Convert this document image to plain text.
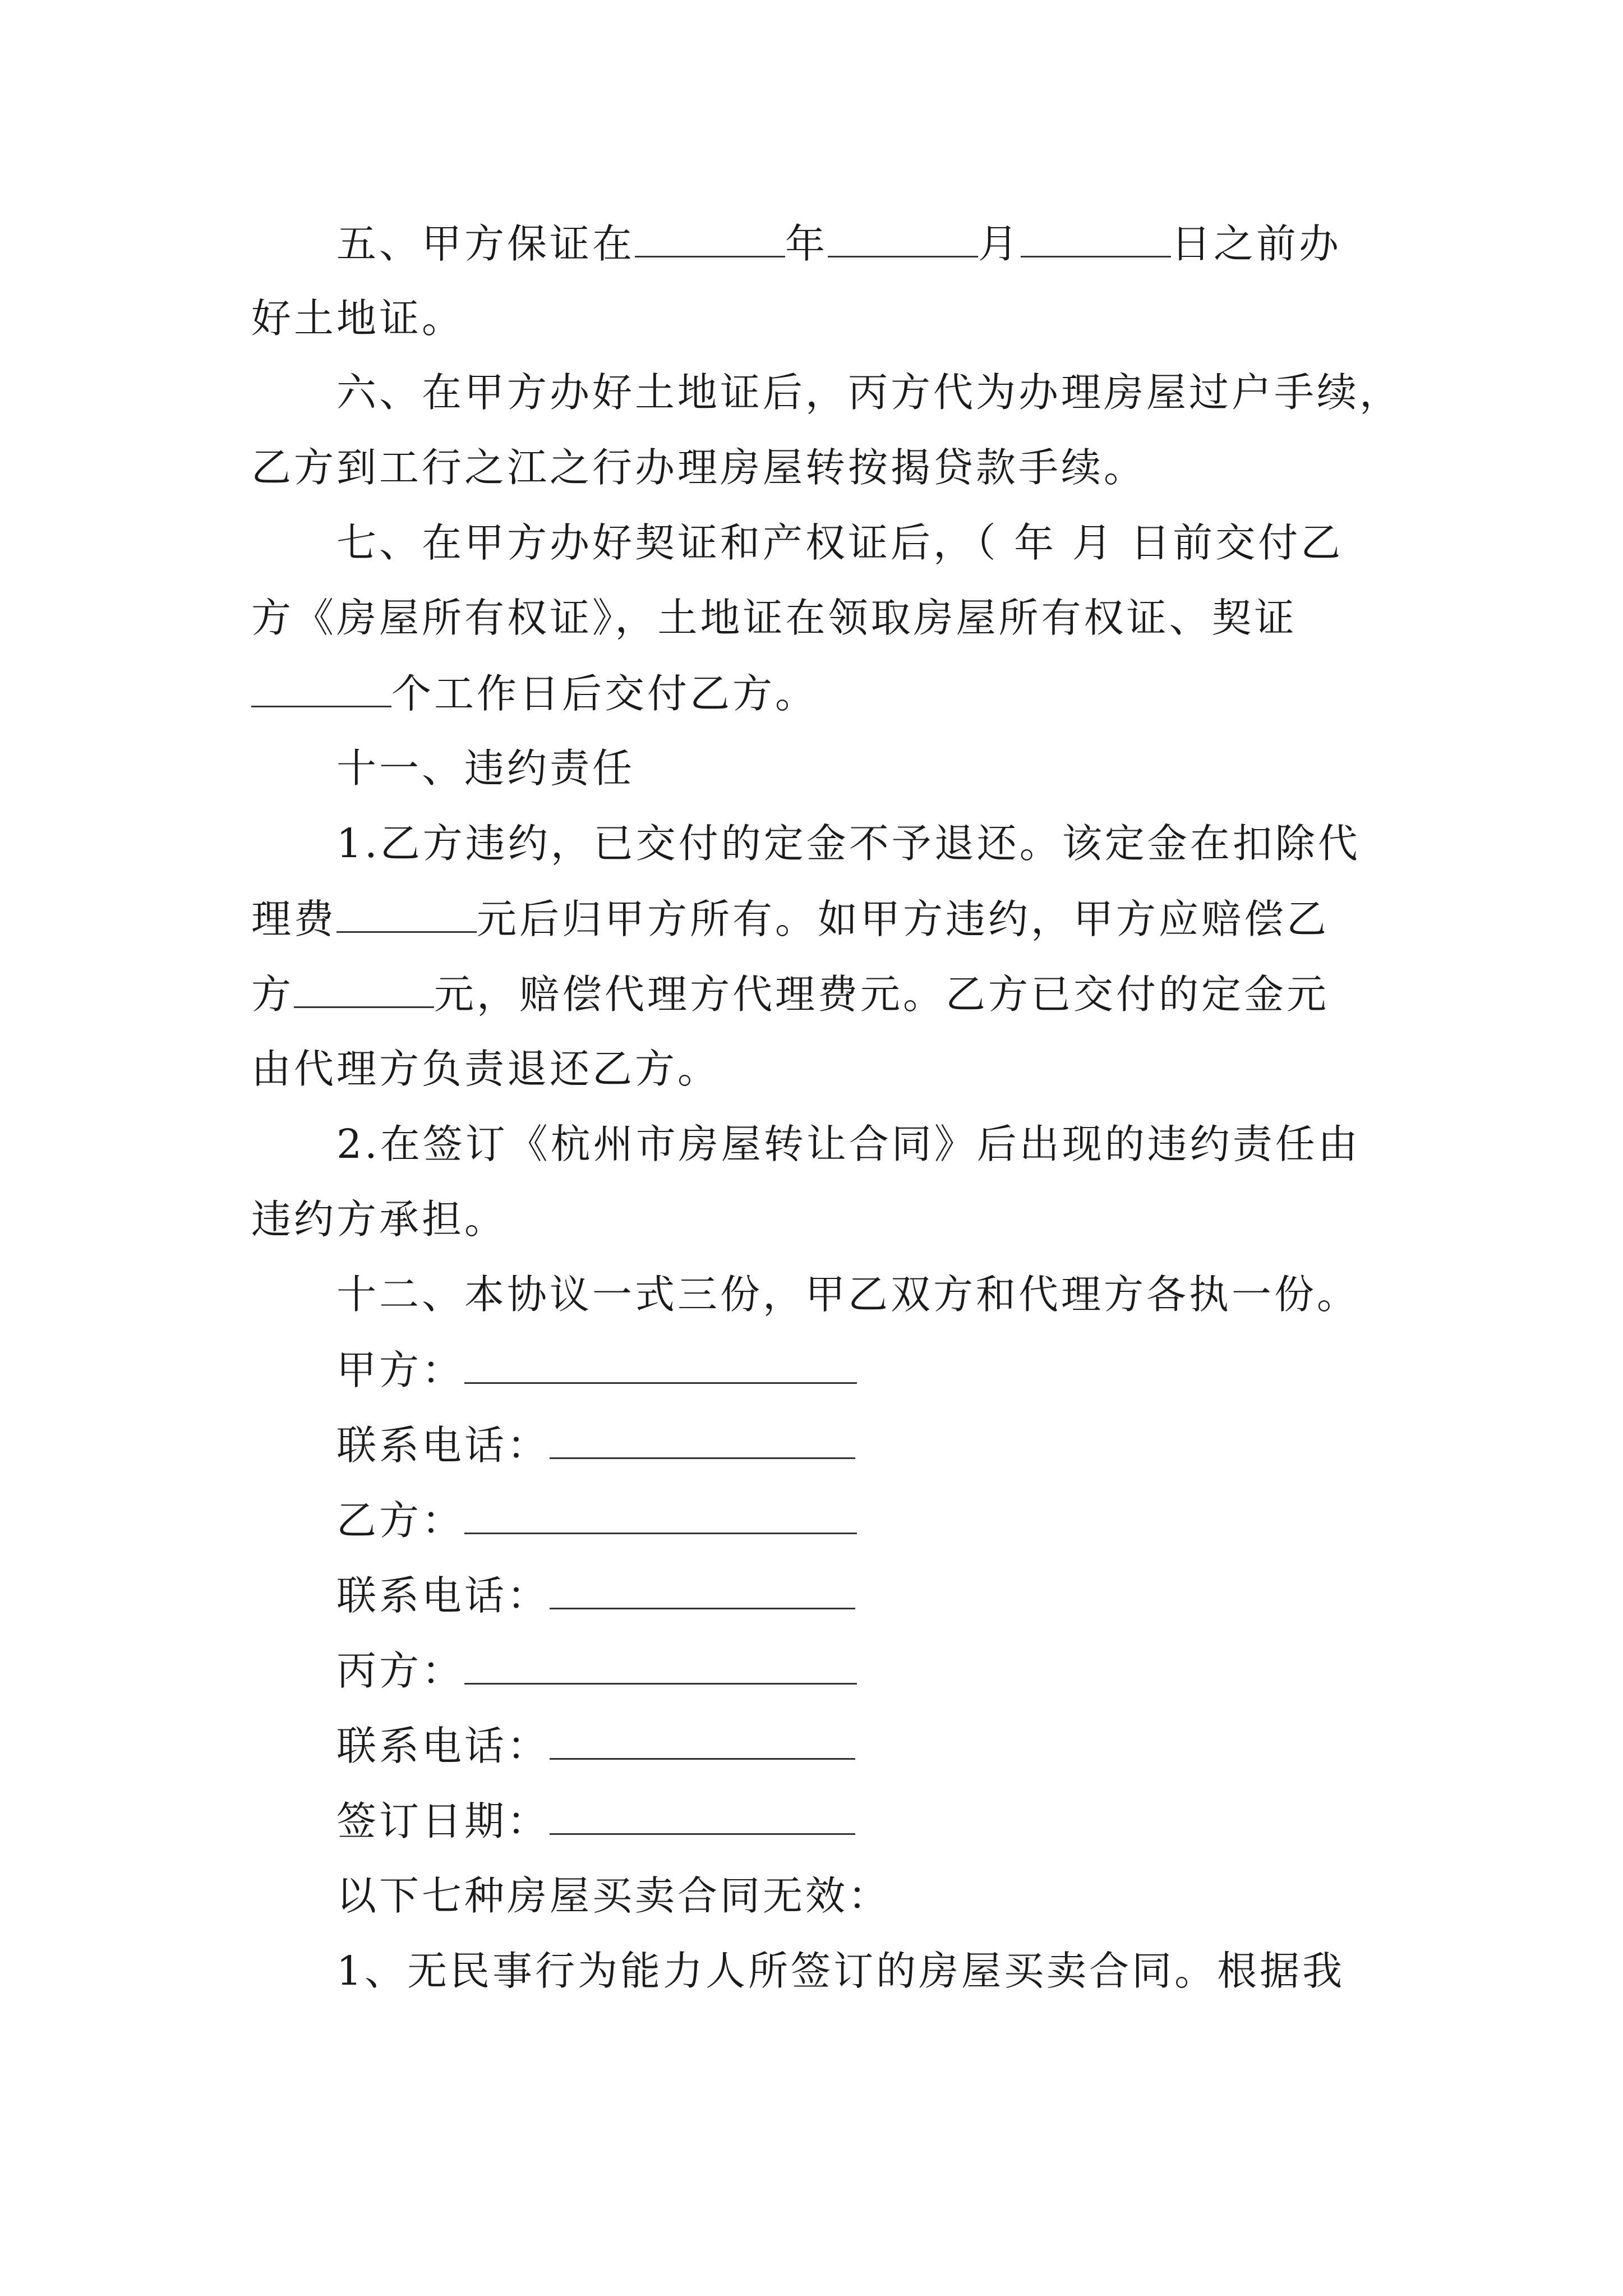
五、甲方保证在	年	月	日之前办
好土地证。
六、在甲方办好土地证后，丙方代为办理房屋过户手续，
乙方到工行之江之行办理房屋转按揭贷款手续。
七、在甲方办好契证和产权证后，（ 年 月 日前交付乙
方《房屋所有权证》，土地证在领取房屋所有权证、契证
个工作日后交付乙方。
十一、违约责任
1.乙方违约，已交付的定金不予退还。该定金在扣除代
理费	元后归甲方所有。如甲方违约，甲方应赔偿乙
方	元，赔偿代理方代理费元。乙方已交付的定金元
由代理方负责退还乙方。
2.在签订《杭州市房屋转让合同》后出现的违约责任由
违约方承担。
十二、本协议一式三份，甲乙双方和代理方各执一份。
甲方：
联系电话：
乙方：
联系电话：
丙方：
联系电话：
签订日期：
以下七种房屋买卖合同无效：
1、无民事行为能力人所签订的房屋买卖合同。根据我
